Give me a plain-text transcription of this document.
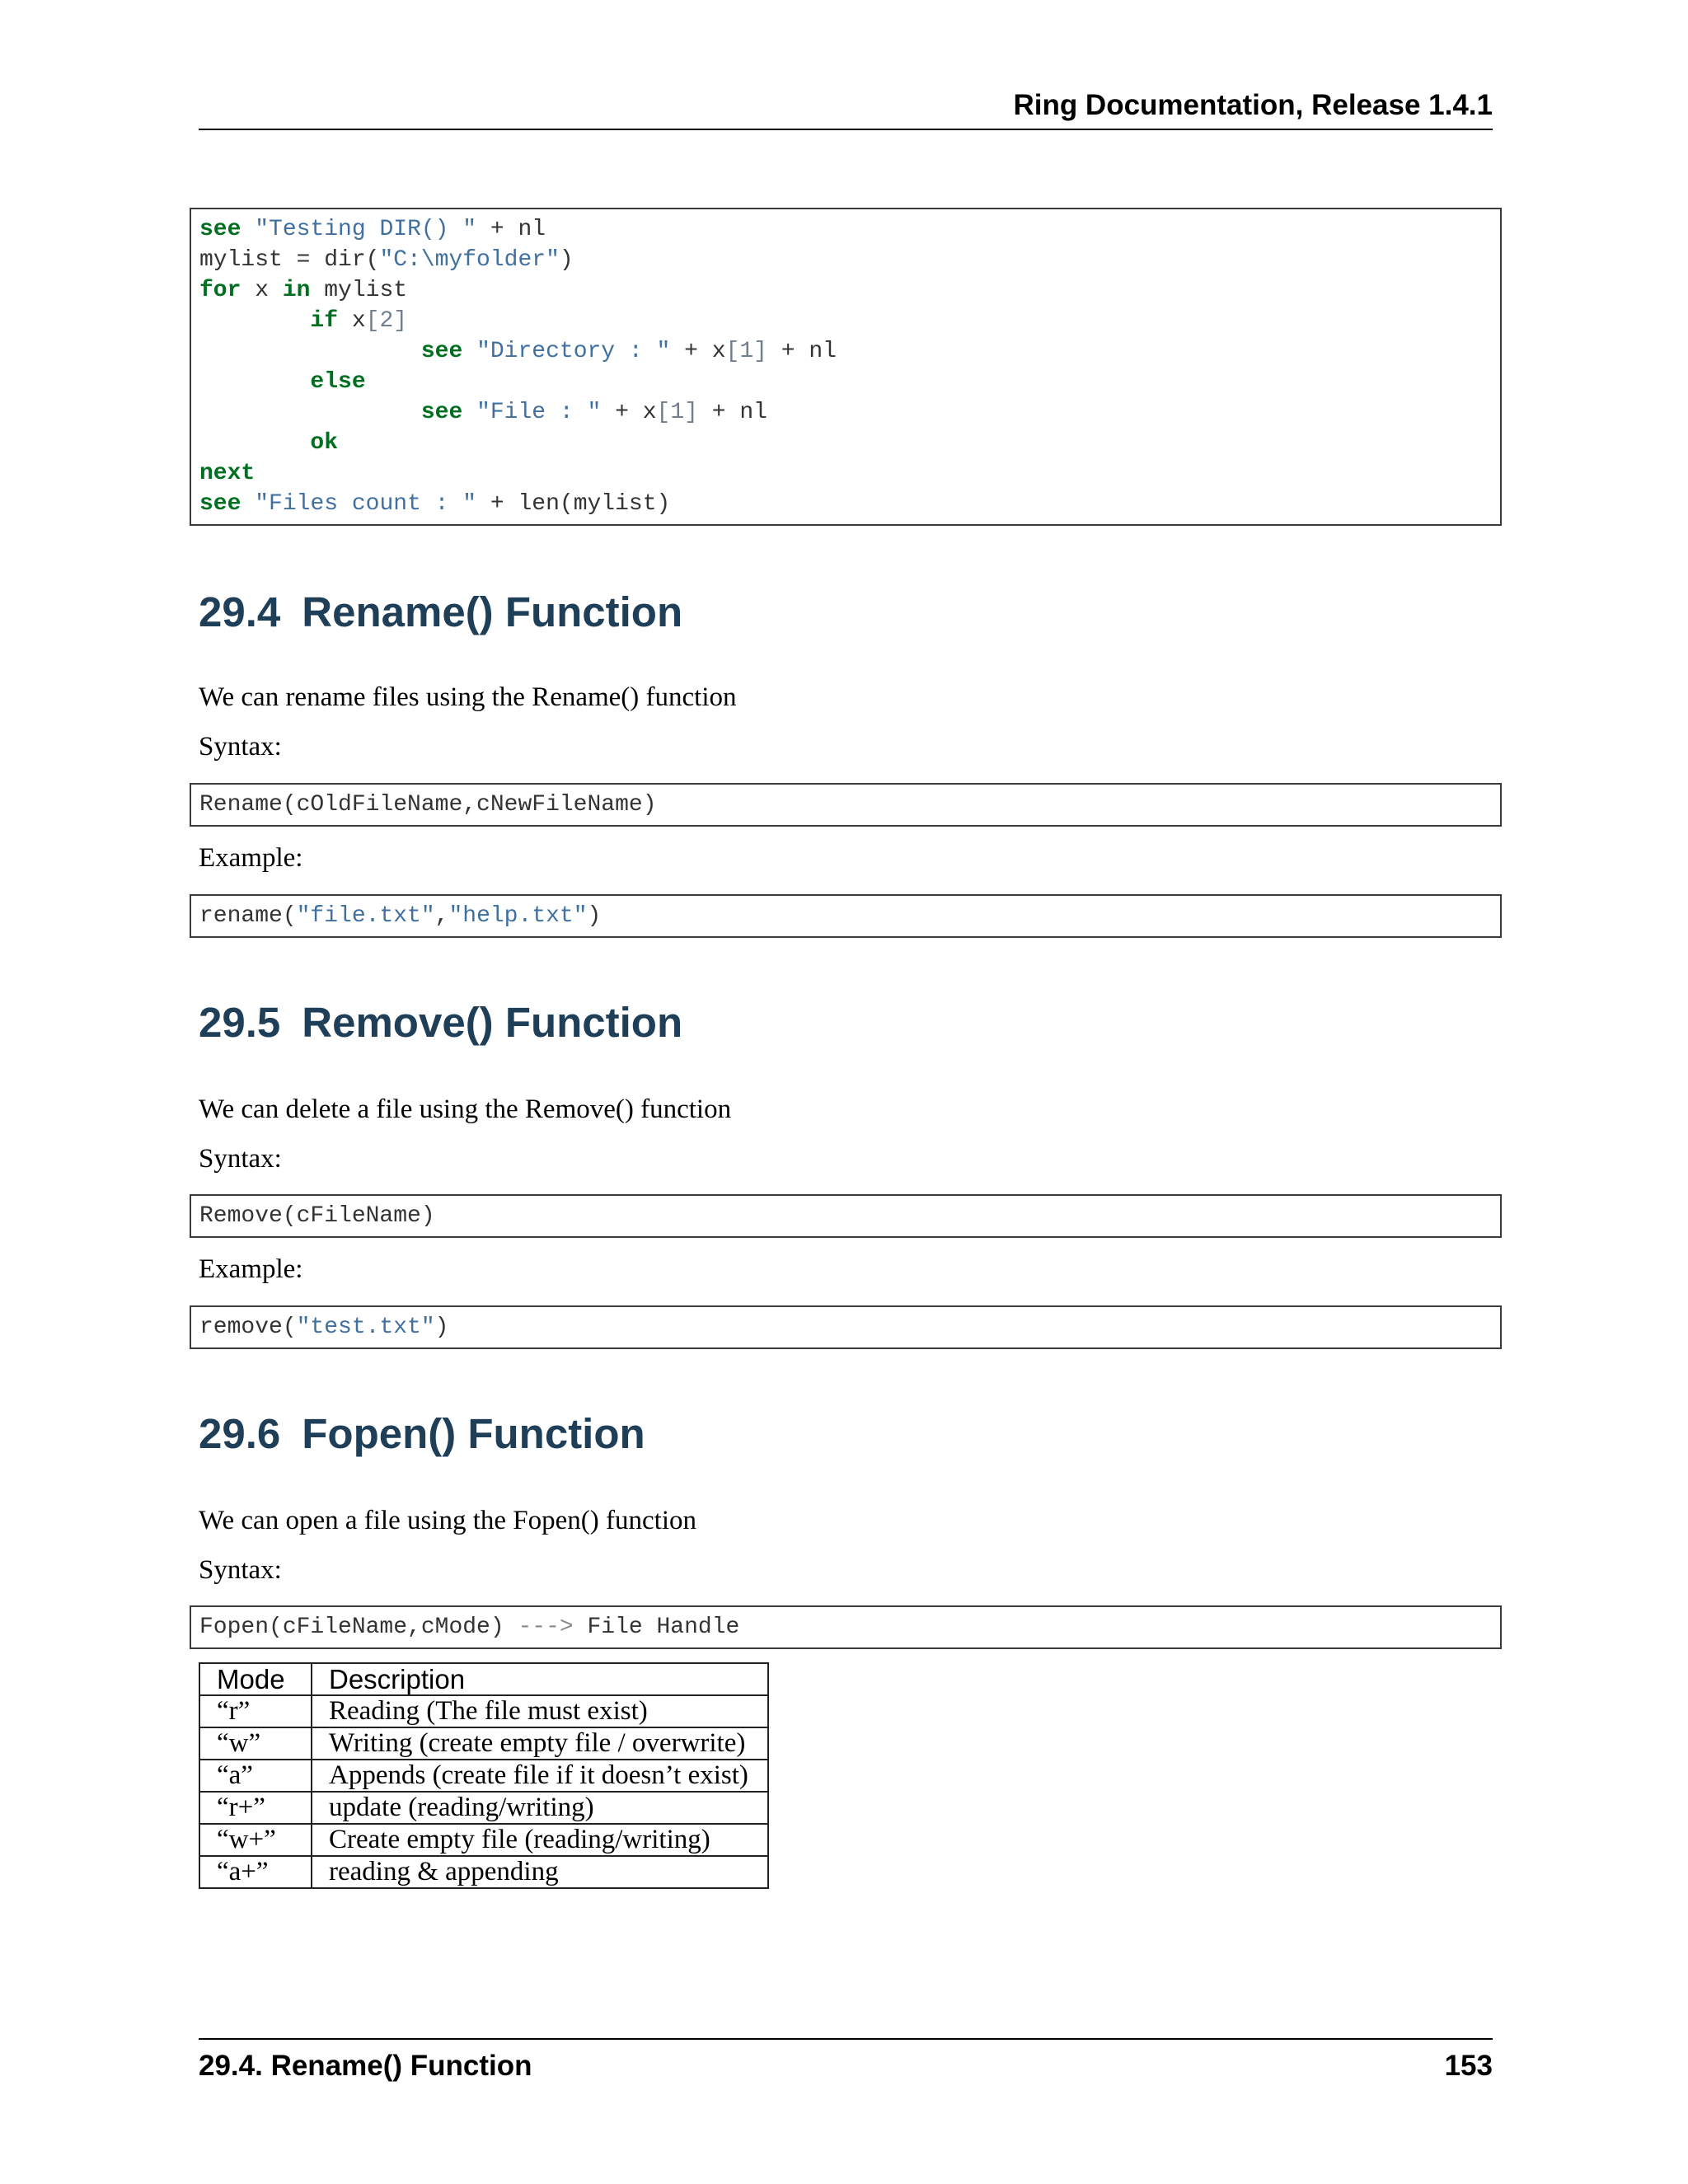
Ring Documentation, Release 1.4.1
see "Testing DIR() " + nl
mylist = dir("C:\myfolder")
for x in mylist
if x[2]
see "Directory : " + x[1] + nl
else
see "File : " + x[1] + nl
ok
next
see "Files count : " + len(mylist)
29.4 Rename() Function

We can rename files using the Rename() function

Syntax:

Rename(cOldFileName,cNewFileName)

Example:

rename("file.txt","help.txt")
29.5 Remove() Function

We can delete a file using the Remove() function

Syntax:

Remove(cFileName)

Example:

remove("test.txt")
29.6 Fopen() Function

We can open a file using the Fopen() function

Syntax:

Fopen(cFileName,cMode) ---> File Handle
Mode	Description
“r”	Reading (The file must exist)
“w”	Writing (create empty file / overwrite)
“a”	Appends (create file if it doesn’t exist)
“r+”	update (reading/writing)
“w+”	Create empty file (reading/writing)
“a+”	reading & appending
29.4. Rename() Function	153
